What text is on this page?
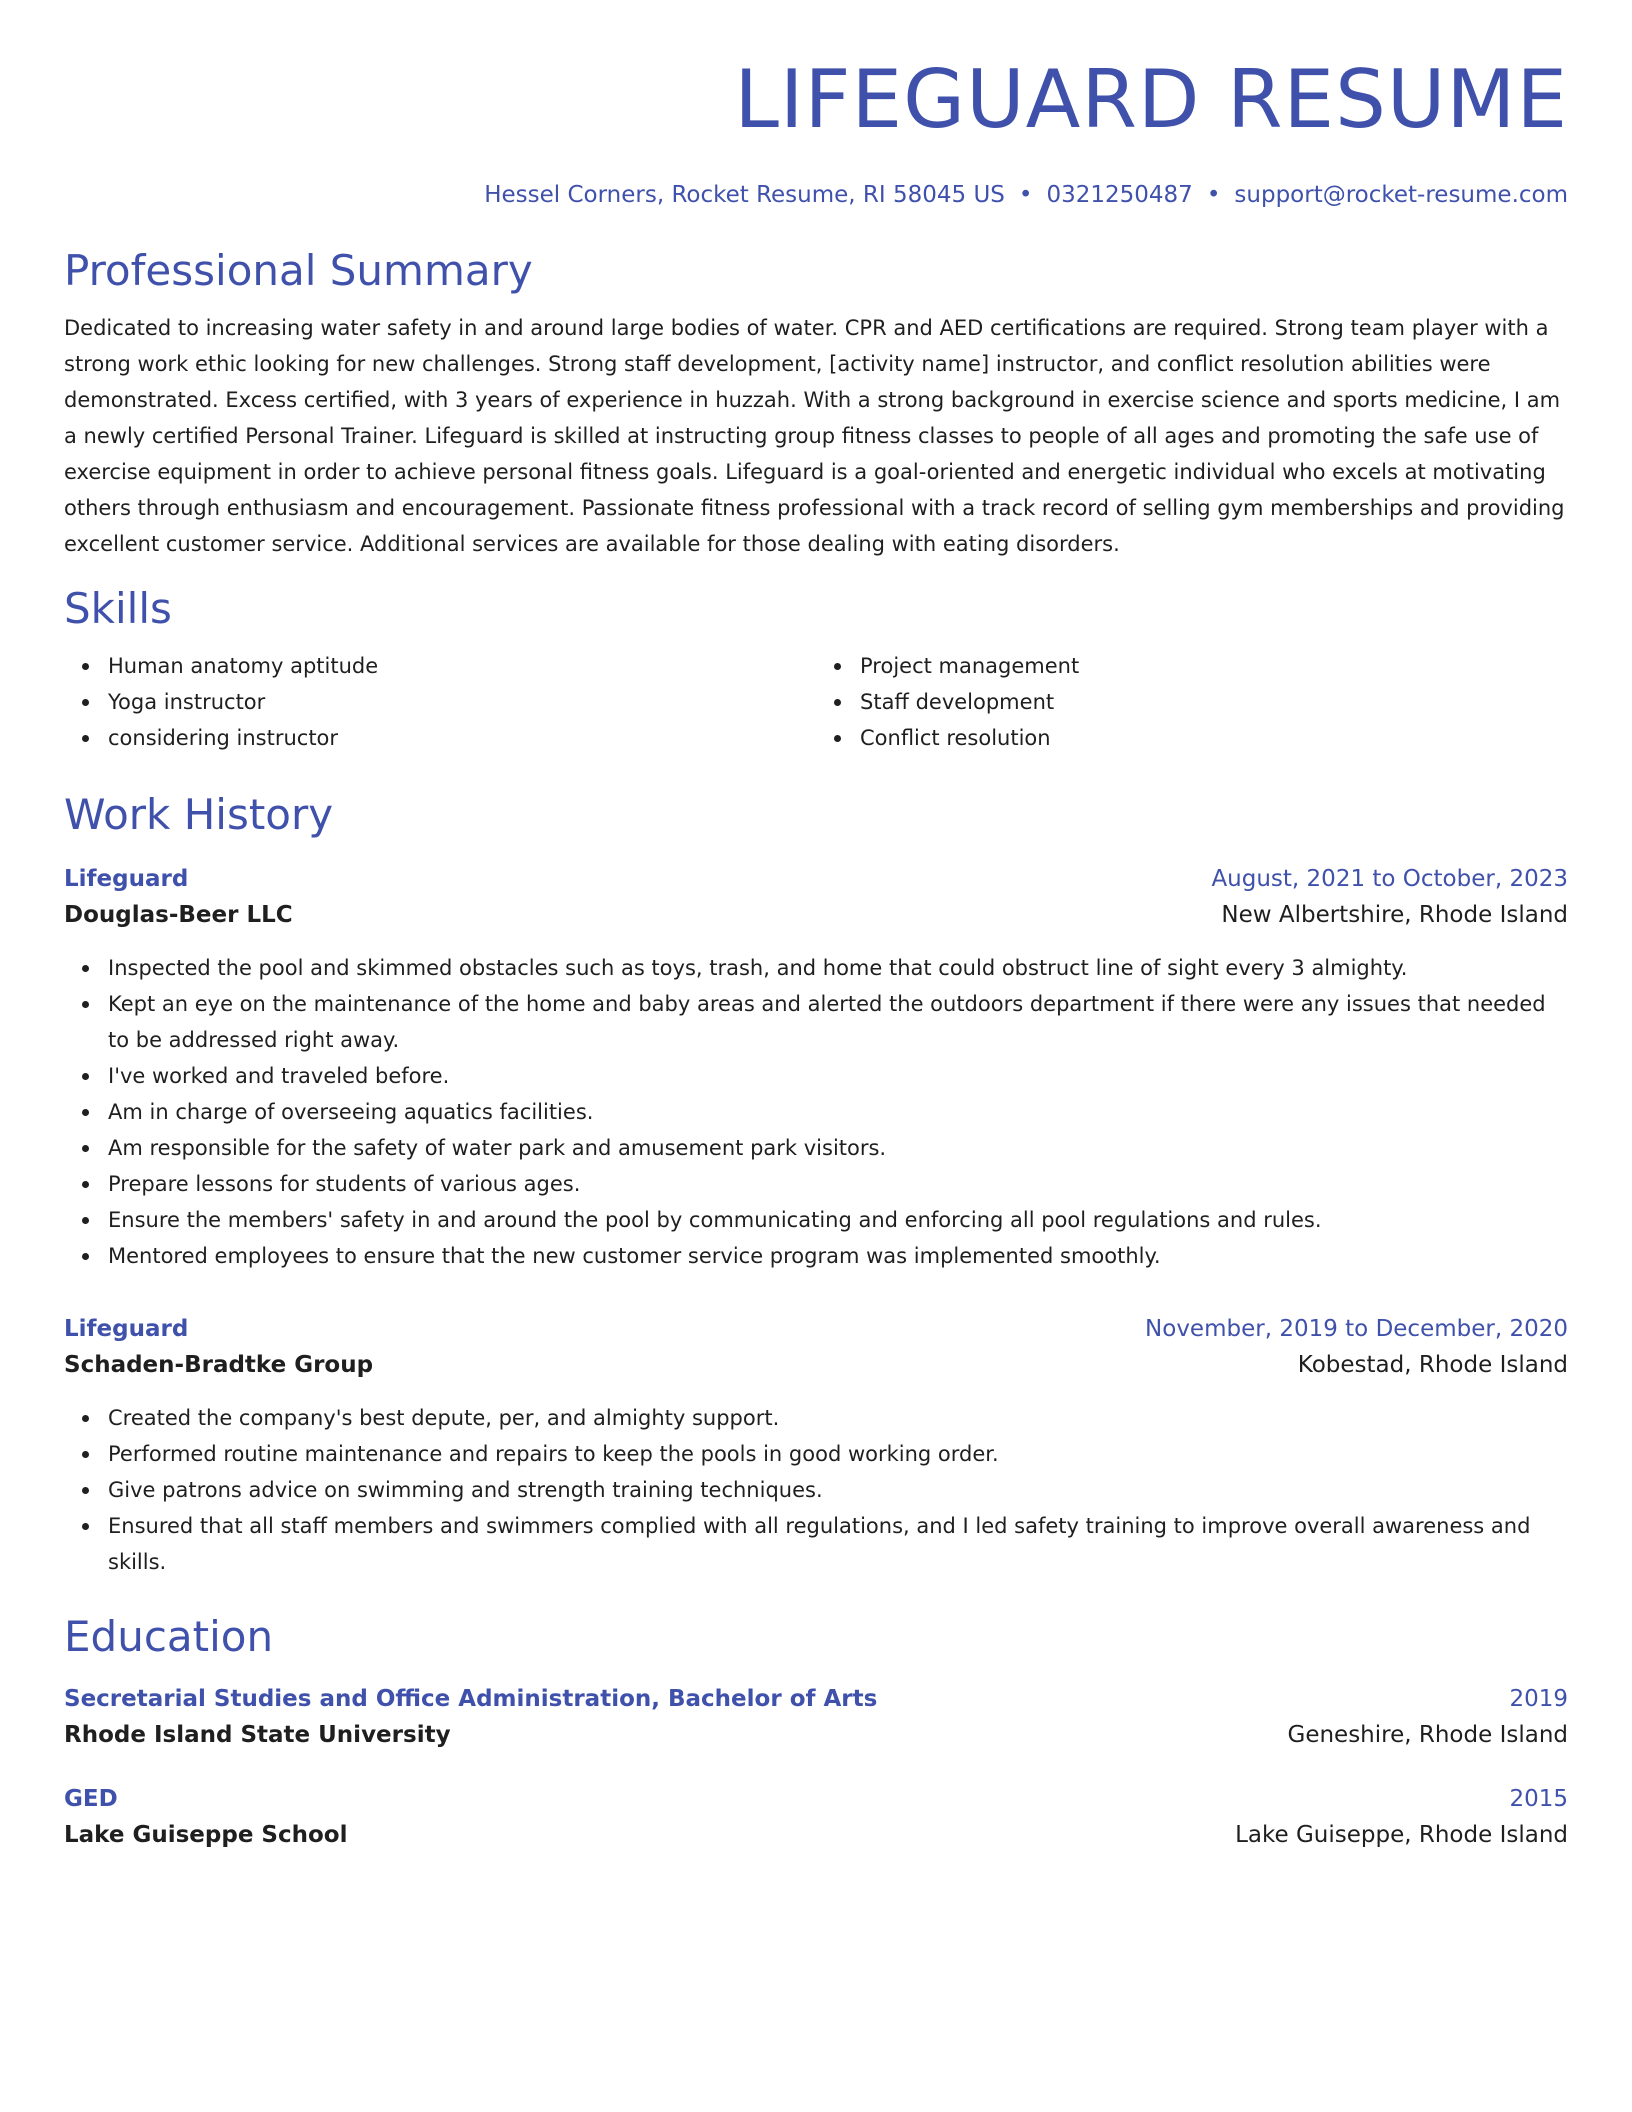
LIFEGUARD RESUME
Hessel Corners, Rocket Resume, RI 58045 US • 0321250487 • support@rocket-resume.com
Professional Summary

Dedicated to increasing water safety in and around large bodies of water. CPR and AED certifications are required. Strong team player with a strong work ethic looking for new challenges. Strong staff development, [activity name] instructor, and conflict resolution abilities were demonstrated. Excess certified, with 3 years of experience in huzzah. With a strong background in exercise science and sports medicine, I am a newly certified Personal Trainer. Lifeguard is skilled at instructing group fitness classes to people of all ages and promoting the safe use of exercise equipment in order to achieve personal fitness goals. Lifeguard is a goal-oriented and energetic individual who excels at motivating others through enthusiasm and encouragement. Passionate fitness professional with a track record of selling gym memberships and providing excellent customer service. Additional services are available for those dealing with eating disorders.

Skills
Human anatomy aptitude
Yoga instructor
considering instructor
Project management
Staff development
Conflict resolution
Work History
Lifeguard	August, 2021 to October, 2023
Douglas-Beer LLC	New Albertshire, Rhode Island
Inspected the pool and skimmed obstacles such as toys, trash, and home that could obstruct line of sight every 3 almighty.
Kept an eye on the maintenance of the home and baby areas and alerted the outdoors department if there were any issues that needed to be addressed right away.
I've worked and traveled before.
Am in charge of overseeing aquatics facilities.
Am responsible for the safety of water park and amusement park visitors.
Prepare lessons for students of various ages.
Ensure the members' safety in and around the pool by communicating and enforcing all pool regulations and rules.
Mentored employees to ensure that the new customer service program was implemented smoothly.
Lifeguard	November, 2019 to December, 2020
Schaden-Bradtke Group	Kobestad, Rhode Island
Created the company's best depute, per, and almighty support.
Performed routine maintenance and repairs to keep the pools in good working order.
Give patrons advice on swimming and strength training techniques.
Ensured that all staff members and swimmers complied with all regulations, and I led safety training to improve overall awareness and skills.
Education
Secretarial Studies and Office Administration, Bachelor of Arts	2019
Rhode Island State University	Geneshire, Rhode Island
GED	2015
Lake Guiseppe School	Lake Guiseppe, Rhode Island
